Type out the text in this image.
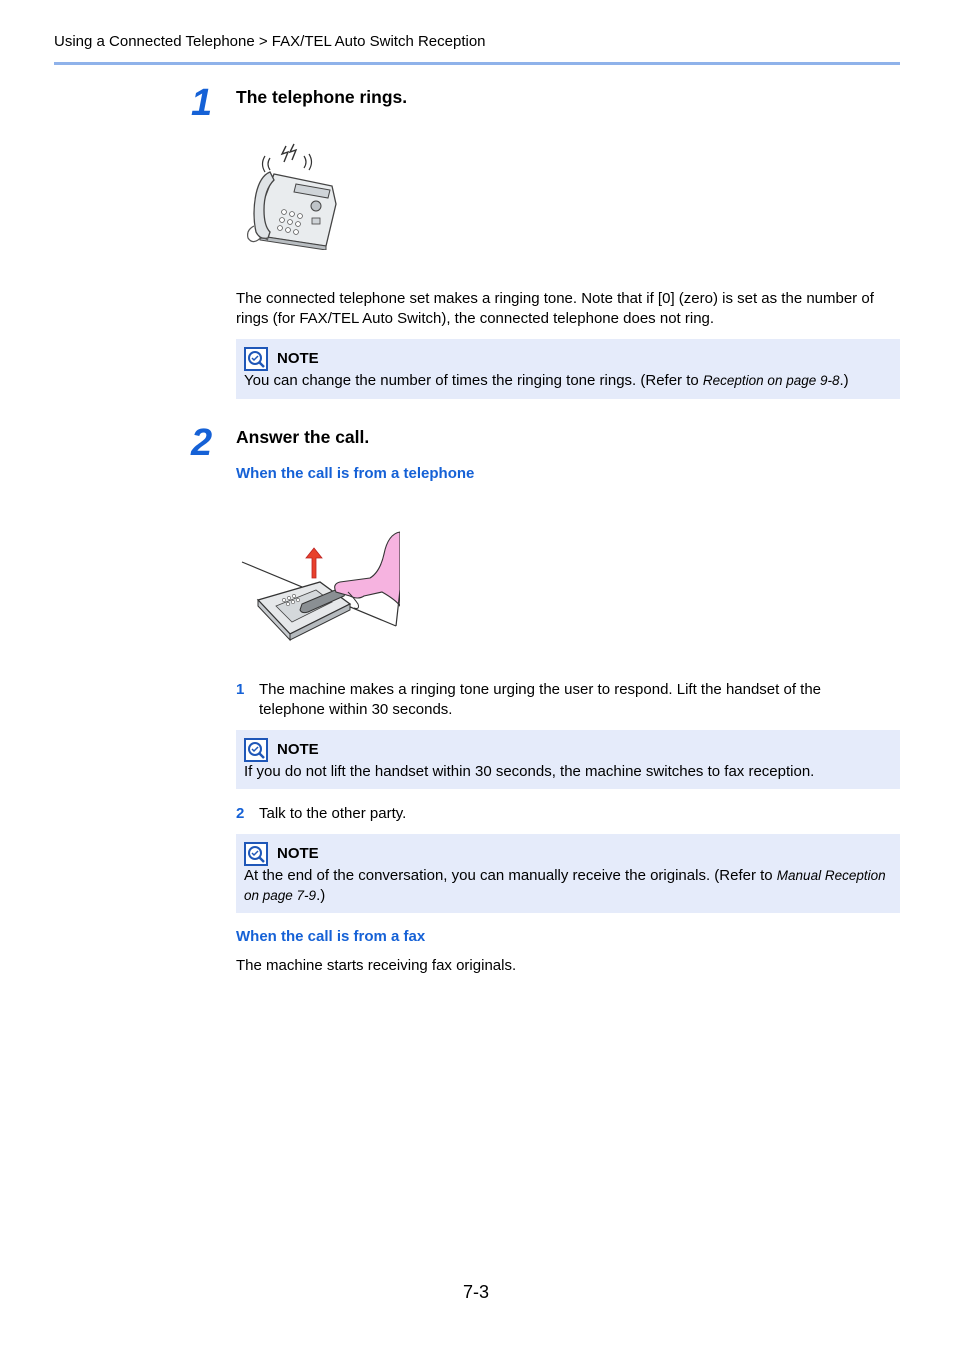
Using a Connected Telephone > FAX/TEL Auto Switch Reception
1 The telephone rings.
The connected telephone set makes a ringing tone. Note that if [0] (zero) is set as the number of rings (for FAX/TEL Auto Switch), the connected telephone does not ring.
NOTE
You can change the number of times the ringing tone rings. (Refer to Reception on page 9-8.)
2 Answer the call.
When the call is from a telephone
1 The machine makes a ringing tone urging the user to respond. Lift the handset of the telephone within 30 seconds.
NOTE
If you do not lift the handset within 30 seconds, the machine switches to fax reception.
2 Talk to the other party.
NOTE
At the end of the conversation, you can manually receive the originals. (Refer to Manual Reception on page 7-9.)
When the call is from a fax
The machine starts receiving fax originals.
7-3
